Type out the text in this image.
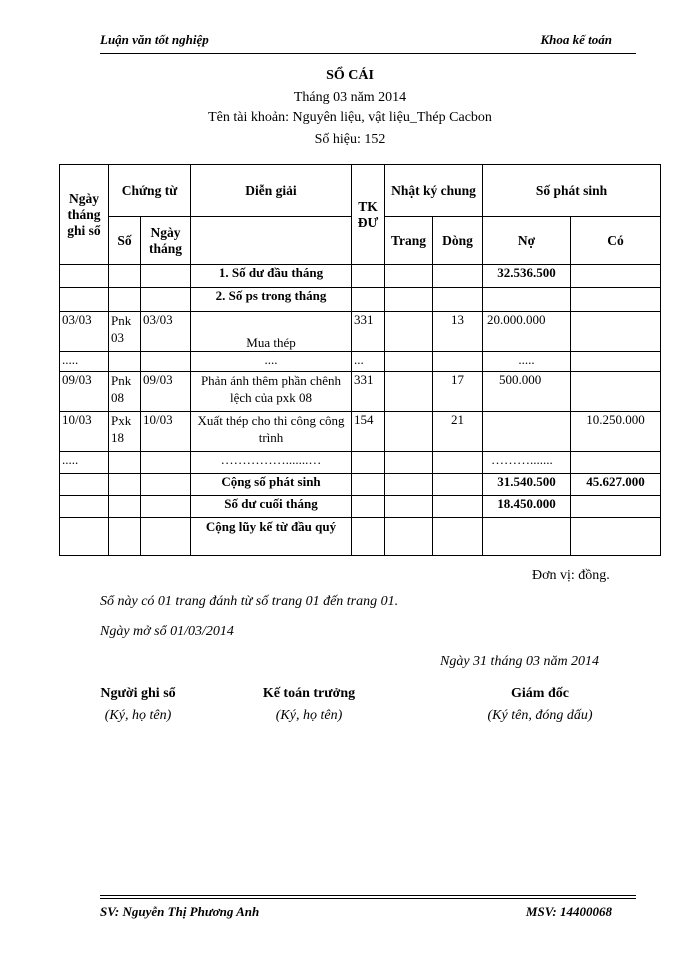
Luận văn tốt nghiệp	Khoa kế toán
SỔ CÁI
Tháng 03 năm 2014
Tên tài khoản: Nguyên liệu, vật liệu_Thép Cacbon
Số hiệu: 152
Ngày tháng ghi sổ	Chứng từ		Diễn giải	TK ĐƯ	Nhật ký chung		Số phát sinh	
	Số	Ngày tháng			Trang	Dòng	Nợ	Có
			1. Số dư đầu tháng				32.536.500	
			2. Số ps trong tháng					
03/03	Pnk 03	03/03	Mua thép	331		13	20.000.000	
.....			....	...			.....	
09/03	Pnk 08	09/03	Phản ánh thêm phần chênh lệch của pxk 08	331		17	500.000	
10/03	Pxk 18	10/03	Xuất thép cho thi công công trình	154		21		10.250.000
.....			…………….......…				……….......	
			Cộng số phát sinh				31.540.500	45.627.000
			Số dư cuối tháng				18.450.000	
			Cộng lũy kế từ đầu quý					
Đơn vị: đồng.
Sổ này có 01 trang đánh từ số trang 01 đến trang 01.
Ngày mở sổ 01/03/2014
Ngày 31 tháng 03 năm 2014
Người ghi sổ
(Ký, họ tên)
Kế toán trưởng
(Ký, họ tên)
Giám đốc
(Ký tên, đóng dấu)
SV: Nguyễn Thị Phương Anh	MSV: 14400068
